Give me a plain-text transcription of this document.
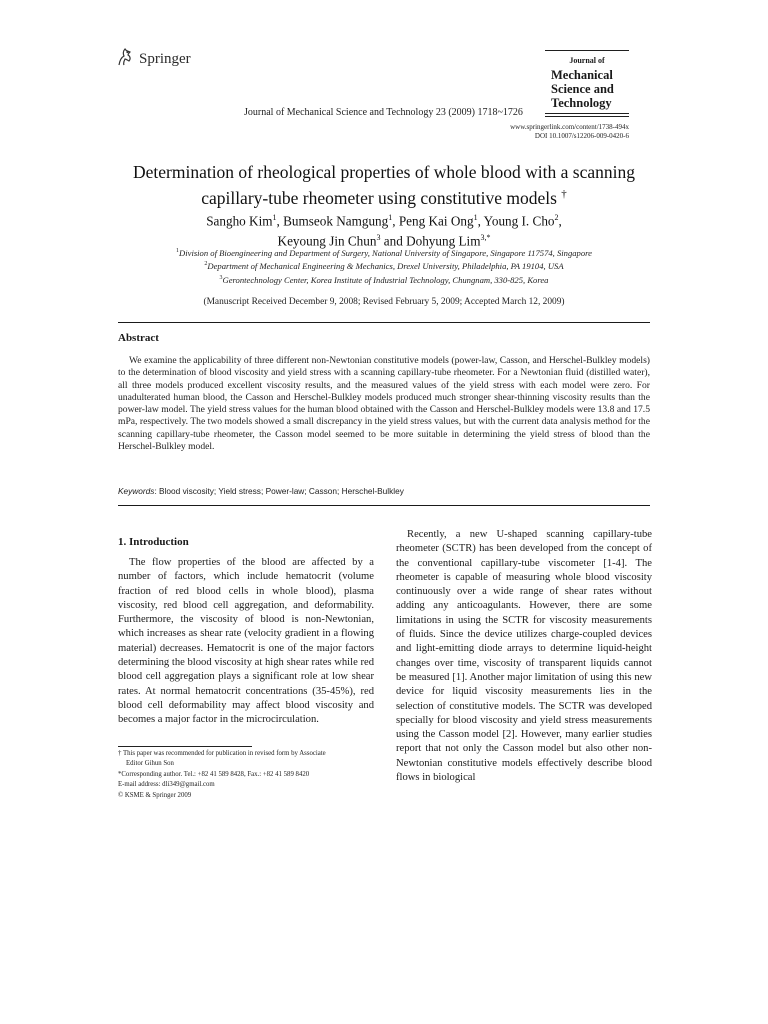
Springer
Journal of Mechanical Science and Technology 23 (2009) 1718~1726
Journal of
Mechanical
Science and
Technology
www.springerlink.com/content/1738-494x
DOI 10.1007/s12206-009-0420-6
Determination of rheological properties of whole blood with a scanning
capillary-tube rheometer using constitutive models †
Sangho Kim$^1$, Bumseok Namgung$^1$, Peng Kai Ong$^1$, Young I. Cho$^2$,
Keyoung Jin Chun$^3$ and Dohyung Lim$^{3,*}$
$^1$Division of Bioengineering and Department of Surgery, National University of Singapore, Singapore 117574, Singapore
$^2$Department of Mechanical Engineering & Mechanics, Drexel University, Philadelphia, PA 19104, USA
$^3$Gerontechnology Center, Korea Institute of Industrial Technology, Chungnam, 330-825, Korea
(Manuscript Received December 9, 2008; Revised February 5, 2009; Accepted March 12, 2009)
Abstract
We examine the applicability of three different non-Newtonian constitutive models (power-law, Casson, and Herschel-Bulkley models) to the determination of blood viscosity and yield stress with a scanning capillary-tube rheometer. For a Newtonian fluid (distilled water), all three models produced excellent viscosity results, and the measured values of the yield stress with each model were zero. For unadulterated human blood, the Casson and Herschel-Bulkley models produced much stronger shear-thinning viscosity results than the power-law model. The yield stress values for the human blood obtained with the Casson and Herschel-Bulkley models were 13.8 and 17.5 mPa, respectively. The two models showed a small discrepancy in the yield stress values, but with the current data analysis method for the scanning capillary-tube rheometer, the Casson model seemed to be more suitable in determining the yield stress of blood than the Herschel-Bulkley model.
Keywords: Blood viscosity; Yield stress; Power-law; Casson; Herschel-Bulkley
1. Introduction
The flow properties of the blood are affected by a number of factors, which include hematocrit (volume fraction of red blood cells in whole blood), plasma viscosity, red blood cell aggregation, and deformability. Furthermore, the viscosity of blood is non-Newtonian, which increases as shear rate (velocity gradient in a flowing material) decreases. Hematocrit is one of the major factors determining the blood viscosity at high shear rates while red blood cell aggregation plays a significant role at low shear rates. At normal hematocrit concentrations (35-45%), red blood cell deformability may affect blood viscosity and becomes a major factor in the microcirculation.
† This paper was recommended for publication in revised form by Associate
Editor Gihun Son
*Corresponding author. Tel.: +82 41 589 8428, Fax.: +82 41 589 8420
E-mail address: dli349@gmail.com
© KSME & Springer 2009
Recently, a new U-shaped scanning capillary-tube rheometer (SCTR) has been developed from the concept of the conventional capillary-tube viscometer [1-4]. The rheometer is capable of measuring whole blood viscosity continuously over a wide range of shear rates without adding any anticoagulants. However, there are some limitations in using the SCTR for viscosity measurements of fluids. Since the device utilizes charge-coupled devices and light-emitting diode arrays to determine liquid-height changes over time, viscosity of transparent liquids cannot be measured [1]. Another major limitation of using this new device for liquid viscosity measurements lies in the selection of constitutive models. The SCTR was developed specially for blood viscosity and yield stress measurements using the Casson model [2]. However, many earlier studies report that not only the Casson model but also other non-Newtonian constitutive models effectively describe blood flows in biological
